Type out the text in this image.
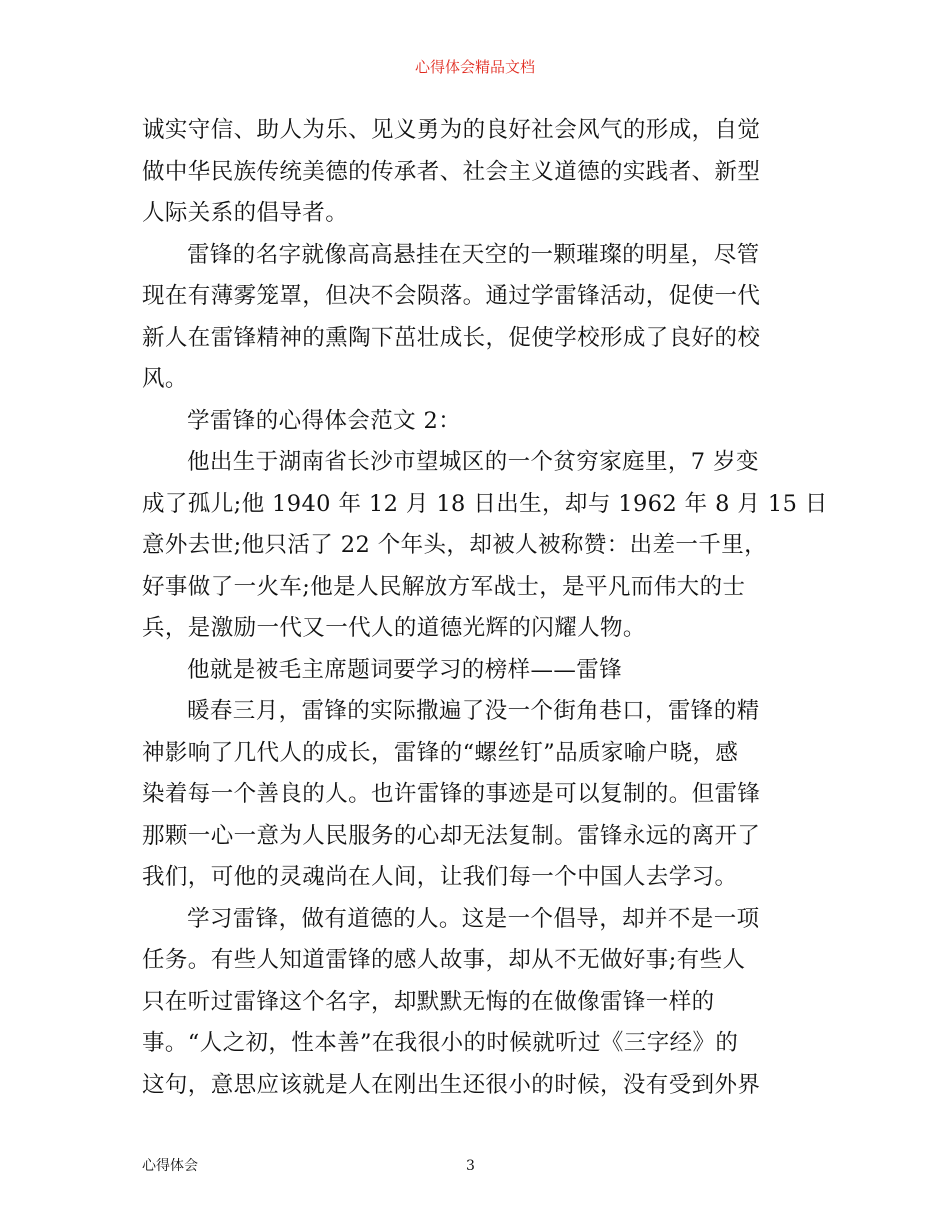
心得体会精品文档

诚实守信、助人为乐、见义勇为的良好社会风气的形成，自觉
做中华民族传统美德的传承者、社会主义道德的实践者、新型
人际关系的倡导者。

雷锋的名字就像高高悬挂在天空的一颗璀璨的明星，尽管
现在有薄雾笼罩，但决不会陨落。通过学雷锋活动，促使一代
新人在雷锋精神的熏陶下茁壮成长，促使学校形成了良好的校
风。

学雷锋的心得体会范文 2：

他出生于湖南省长沙市望城区的一个贫穷家庭里，7 岁变
成了孤儿;他 1940 年 12 月 18 日出生，却与 1962 年 8 月 15 日
意外去世;他只活了 22 个年头，却被人被称赞：出差一千里，
好事做了一火车;他是人民解放方军战士，是平凡而伟大的士
兵，是激励一代又一代人的道德光辉的闪耀人物。

他就是被毛主席题词要学习的榜样——雷锋

暖春三月，雷锋的实际撒遍了没一个街角巷口，雷锋的精
神影响了几代人的成长，雷锋的“螺丝钉”品质家喻户晓，感
染着每一个善良的人。也许雷锋的事迹是可以复制的。但雷锋
那颗一心一意为人民服务的心却无法复制。雷锋永远的离开了
我们，可他的灵魂尚在人间，让我们每一个中国人去学习。

学习雷锋，做有道德的人。这是一个倡导，却并不是一项
任务。有些人知道雷锋的感人故事，却从不无做好事;有些人
只在听过雷锋这个名字，却默默无悔的在做像雷锋一样的
事。“人之初，性本善”在我很小的时候就听过《三字经》的
这句，意思应该就是人在刚出生还很小的时候，没有受到外界

心得体会	3
